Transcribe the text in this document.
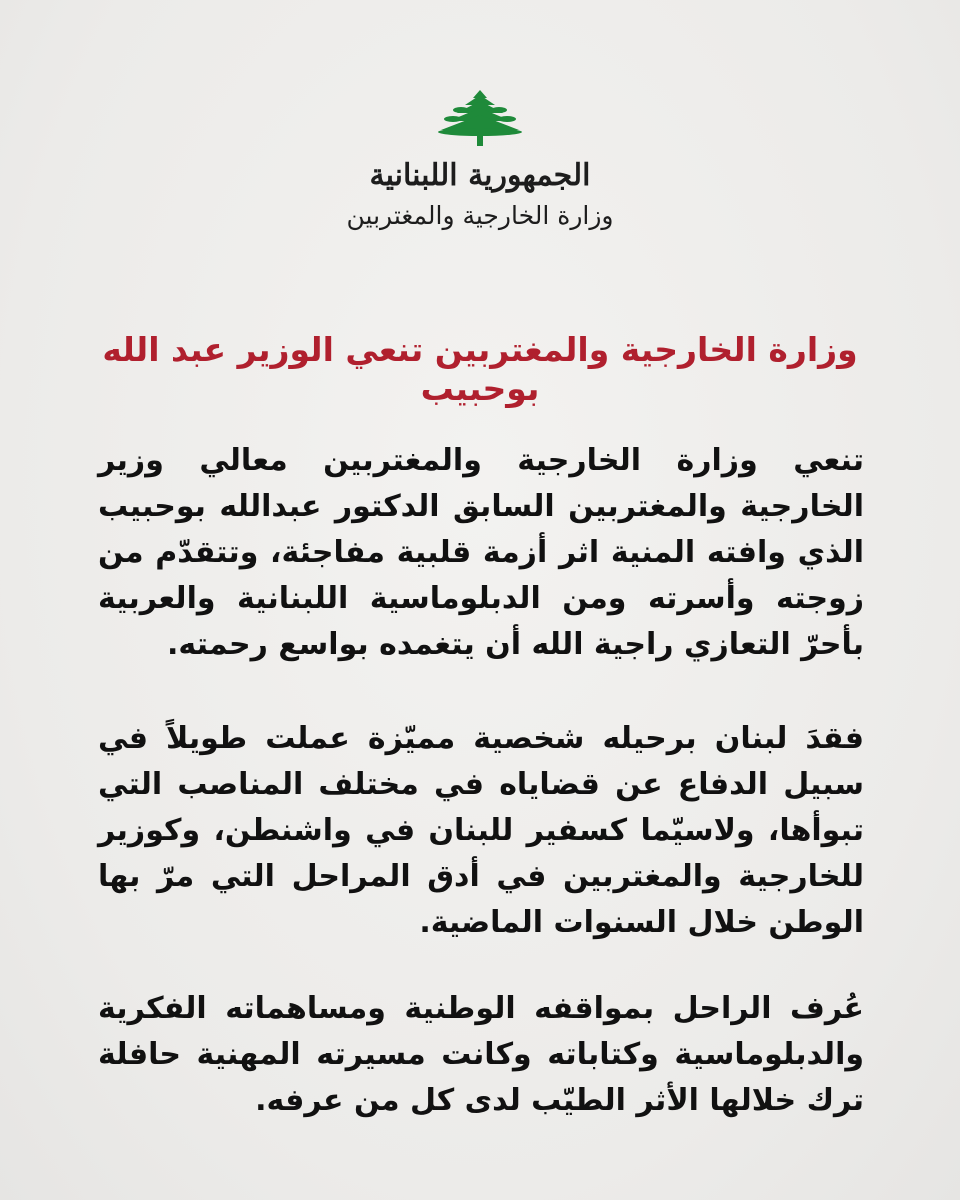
الجمهورية اللبنانية
وزارة الخارجية والمغتربين
وزارة الخارجية والمغتربين تنعي الوزير عبد الله بوحبيب

تنعي وزارة الخارجية والمغتربين معالي وزير الخارجية والمغتربين السابق الدكتور عبدالله بوحبيب الذي وافته المنية اثر أزمة قلبية مفاجئة، وتتقدّم من زوجته وأسرته ومن الدبلوماسية اللبنانية والعربية بأحرّ التعازي راجية الله أن يتغمده بواسع رحمته.

فقدَ لبنان برحيله شخصية مميّزة عملت طويلاً في سبيل الدفاع عن قضاياه في مختلف المناصب التي تبوأها، ولاسيّما كسفير للبنان في واشنطن، وكوزير للخارجية والمغتربين في أدق المراحل التي مرّ بها الوطن خلال السنوات الماضية.

عُرف الراحل بمواقفه الوطنية ومساهماته الفكرية والدبلوماسية وكتاباته وكانت مسيرته المهنية حافلة ترك خلالها الأثر الطيّب لدى كل من عرفه.
